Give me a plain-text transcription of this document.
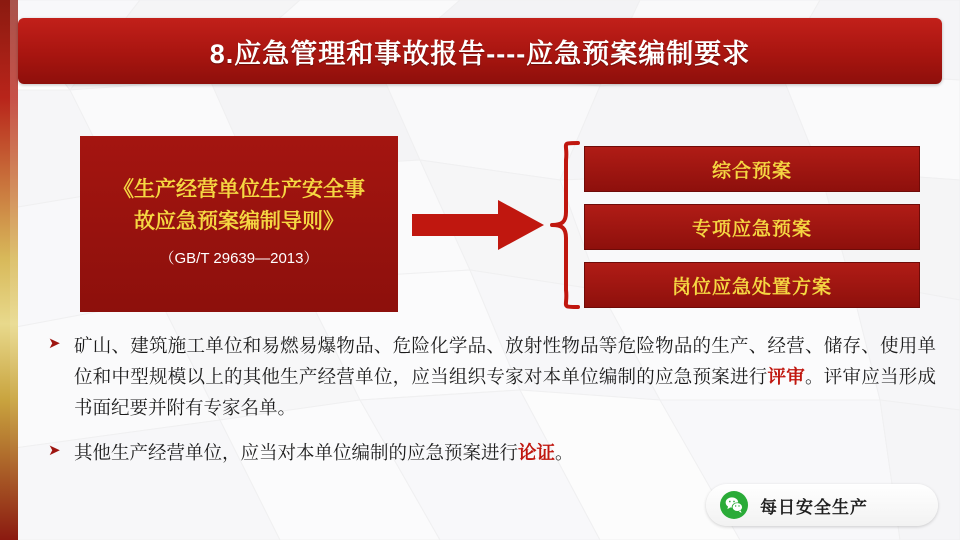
8.应急管理和事故报告----应急预案编制要求
《生产经营单位生产安全事
故应急预案编制导则》
（GB/T 29639—2013）
综合预案
专项应急预案
岗位应急处置方案
➤ 矿山、建筑施工单位和易燃易爆物品、危险化学品、放射性物品等危险物品的生产、经营、储存、使用单位和中型规模以上的其他生产经营单位，应当组织专家对本单位编制的应急预案进行评审。评审应当形成书面纪要并附有专家名单。
➤ 其他生产经营单位，应当对本单位编制的应急预案进行论证。
每日安全生产
